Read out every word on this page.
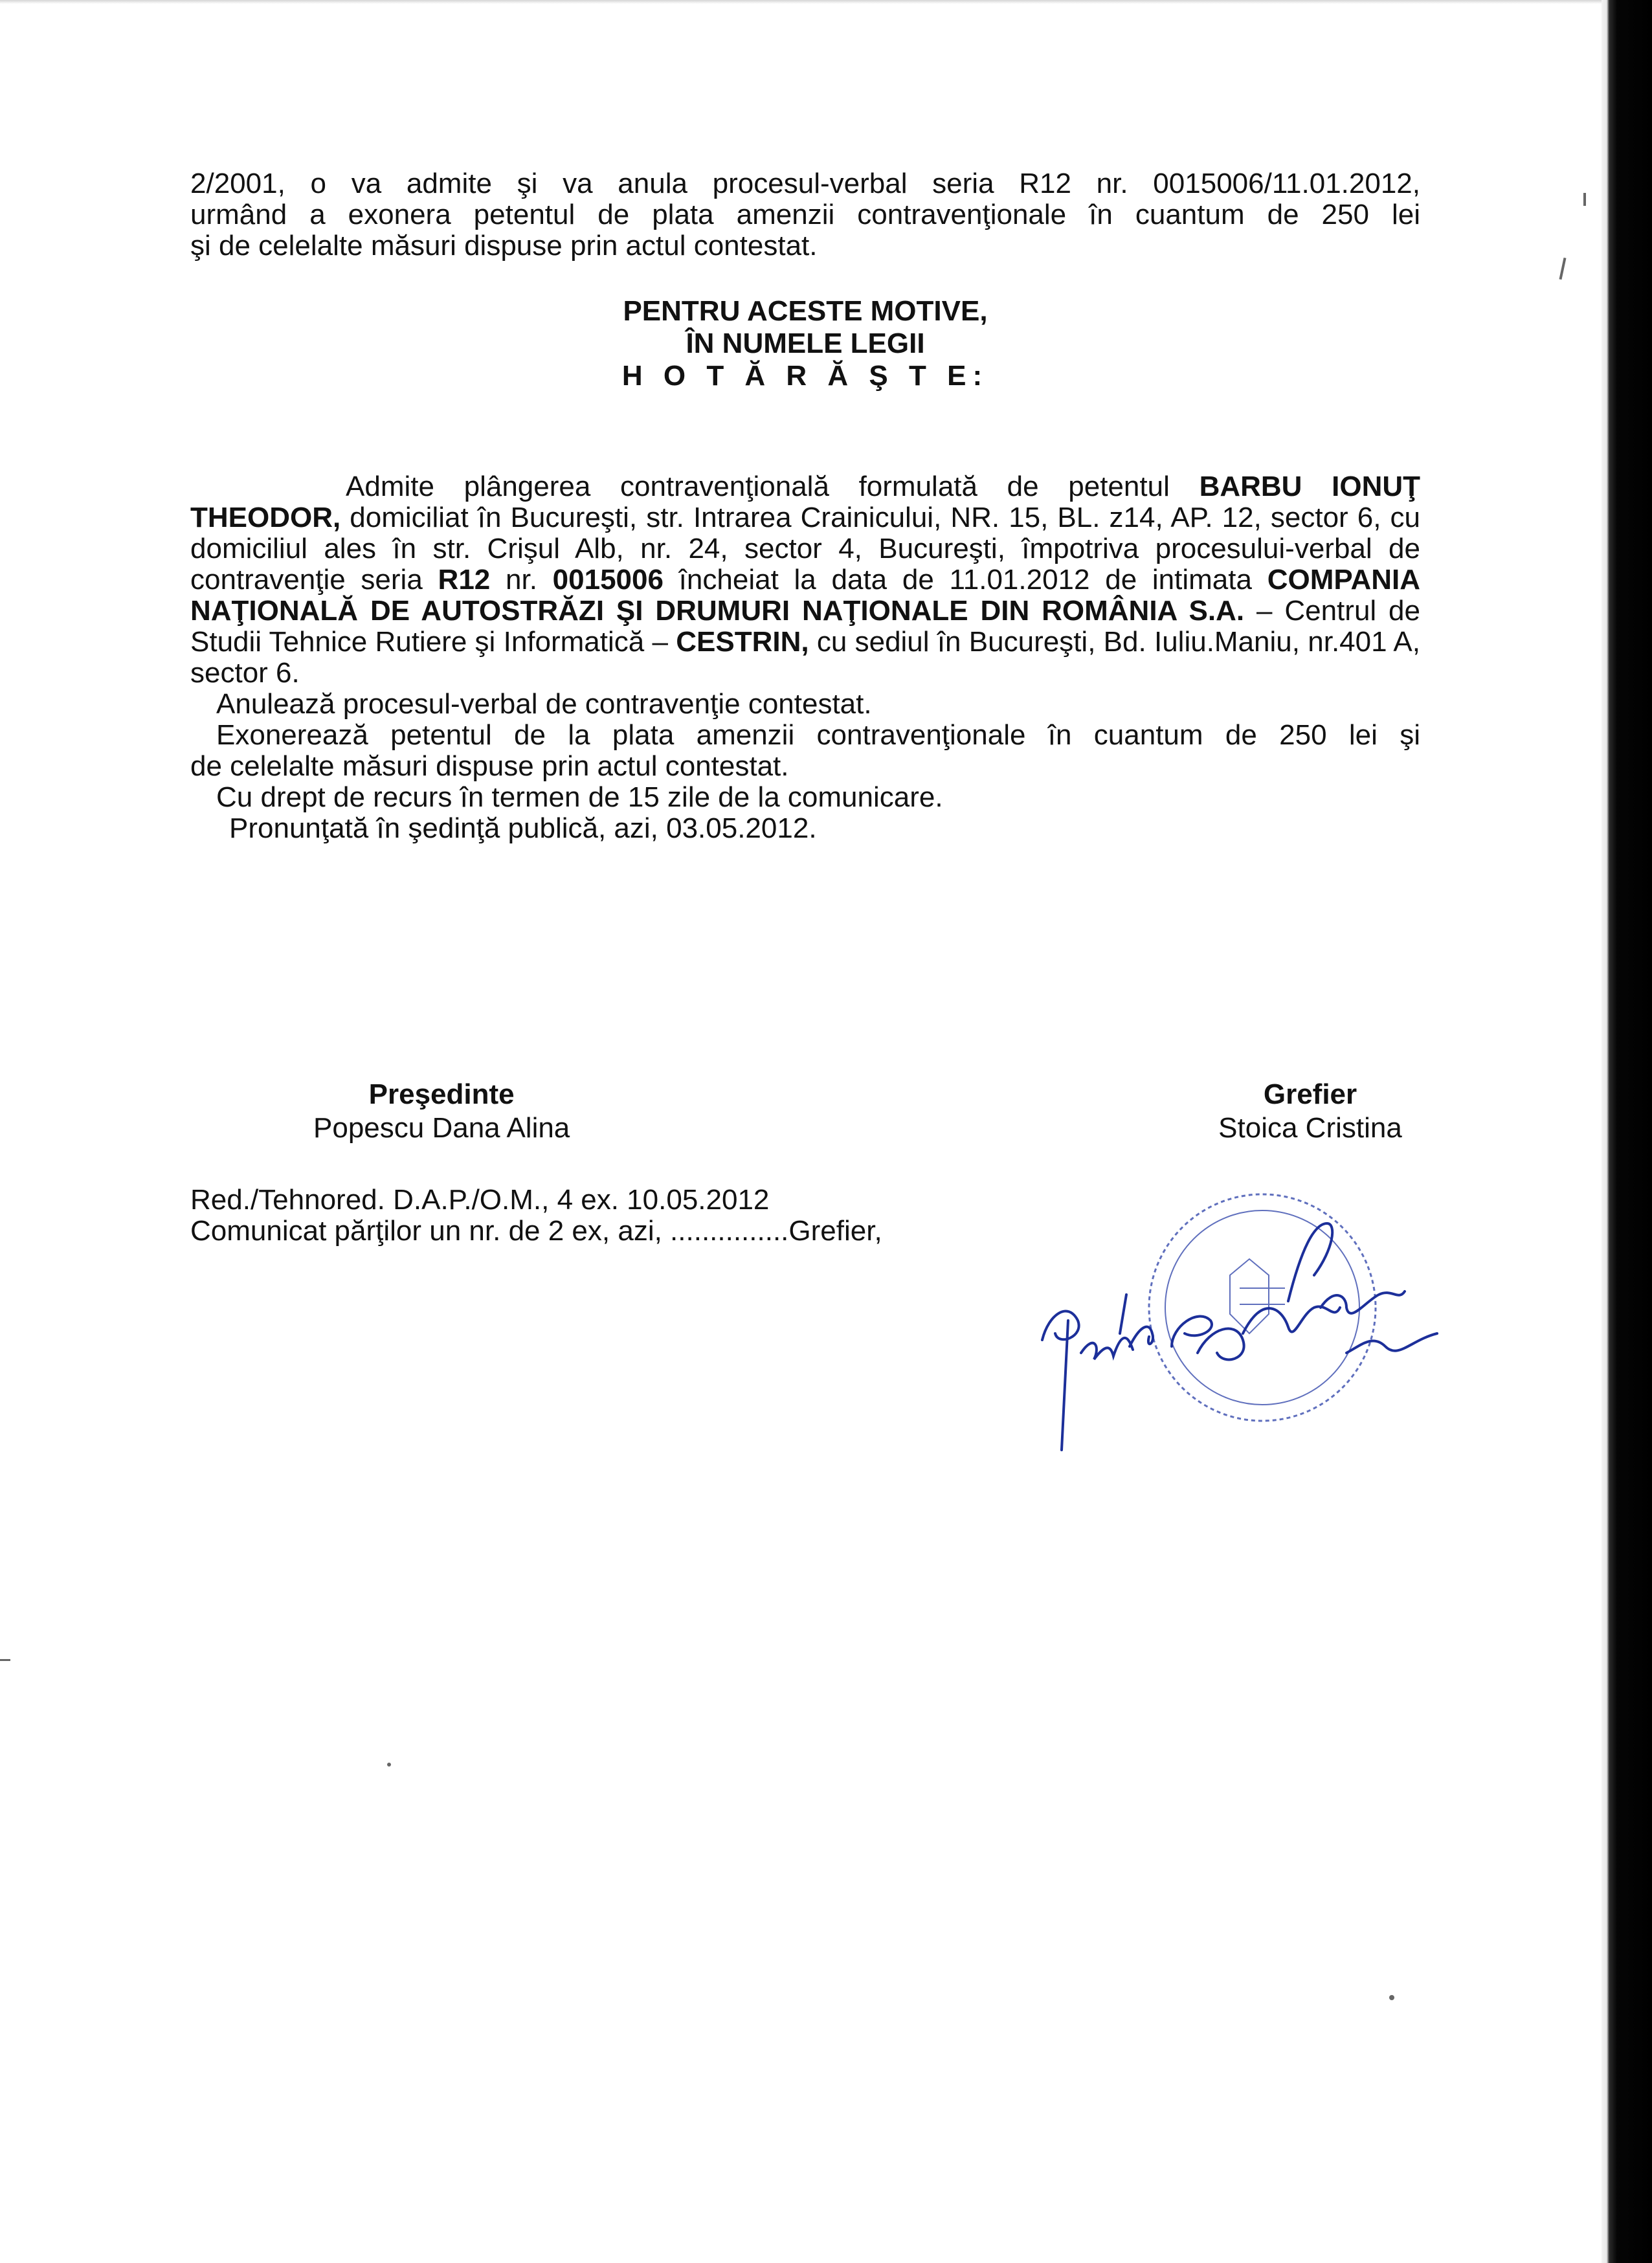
2/2001, o va admite şi va anula procesul-verbal seria R12 nr. 0015006/11.01.2012,

urmând a exonera petentul de plata amenzii contravenţionale în cuantum de 250 lei

şi de celelalte măsuri dispuse prin actul contestat.

PENTRU ACESTE MOTIVE,
ÎN NUMELE LEGII
H O T Ă R Ă Ş T E:

Admite plângerea contravenţională formulată de petentul BARBU IONUŢ THEODOR, domiciliat în Bucureşti, str. Intrarea Crainicului, NR. 15, BL. z14, AP. 12, sector 6, cu domiciliul ales în str. Crişul Alb, nr. 24, sector 4, Bucureşti, împotriva procesului-verbal de contravenţie seria R12 nr. 0015006 încheiat la data de 11.01.2012 de intimata COMPANIA NAŢIONALĂ DE AUTOSTRĂZI ŞI DRUMURI NAŢIONALE DIN ROMÂNIA S.A. – Centrul de Studii Tehnice Rutiere şi Informatică – CESTRIN, cu sediul în Bucureşti, Bd. Iuliu.Maniu, nr.401 A, sector 6.

Anulează procesul-verbal de contravenţie contestat.

Exonerează petentul de la plata amenzii contravenţionale în cuantum de 250 lei şi

de celelalte măsuri dispuse prin actul contestat.

Cu drept de recurs în termen de 15 zile de la comunicare.

Pronunţată în şedinţă publică, azi, 03.05.2012.

Preşedinte
Popescu Dana Alina
Grefier
Stoica Cristina

Red./Tehnored. D.A.P./O.M., 4 ex. 10.05.2012

Comunicat părţilor un nr. de 2 ex, azi, ...............Grefier,
